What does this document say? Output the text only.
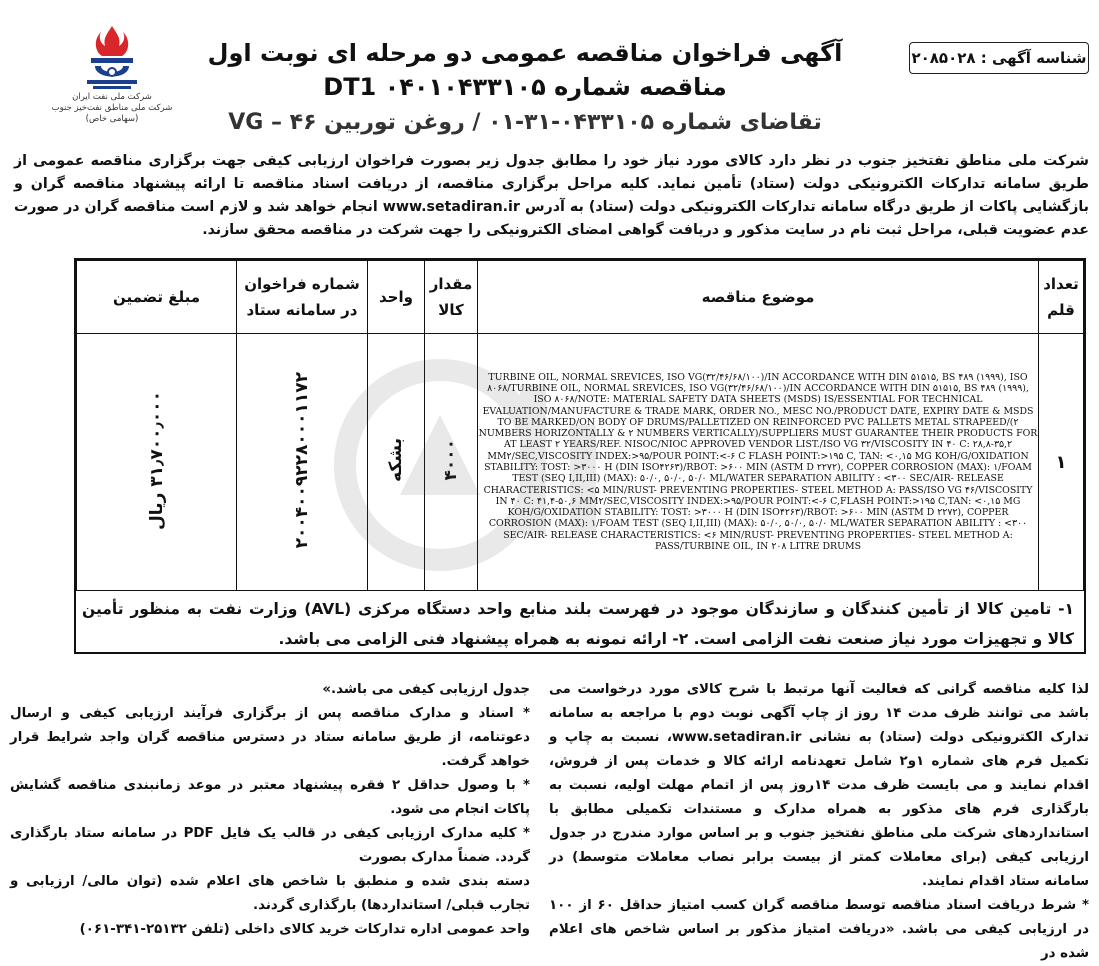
شناسه آگهی : ۲۰۸۵۰۲۸
آگهی فراخوان مناقصه عمومی دو مرحله ای نوبت اول
مناقصه شماره DT1 ۰۴۰۱۰۴۳۳۱۰۵
تقاضای شماره ۰۴۳۳۱۰۵-۳۱-۰۱ / روغن توربین ۴۶ – VG
شرکت ملی نفت ایران
شرکت ملی مناطق نفت‌خیز جنوب
(سهامی خاص)
شرکت ملی مناطق نفتخیز جنوب در نظر دارد کالای مورد نیاز خود را مطابق جدول زیر بصورت فراخوان ارزیابی کیفی جهت برگزاری مناقصه عمومی از طریق سامانه تدارکات الکترونیکی دولت (ستاد) تأمین نماید. کلیه مراحل برگزاری مناقصه، از دریافت اسناد مناقصه تا ارائه پیشنهاد مناقصه گران و بازگشایی پاکات از طریق درگاه سامانه تدارکات الکترونیکی دولت (ستاد) به آدرس www.setadiran.ir انجام خواهد شد و لازم است مناقصه گران در صورت عدم عضویت قبلی، مراحل ثبت نام در سایت مذکور و دریافت گواهی امضای الکترونیکی را جهت شرکت در مناقصه محقق سازند.
تعداد قلم	موضوع مناقصه	مقدار کالا	واحد	شماره فراخوان در سامانه ستاد	مبلغ تضمین
۱	TURBINE OIL, NORMAL SREVICES, ISO VG(۳۲/۴۶/۶۸/۱۰۰)/IN ACCORDANCE WITH DIN ۵۱۵۱۵, BS ۴۸۹ (۱۹۹۹), ISO ۸۰۶۸/TURBINE OIL, NORMAL SREVICES, ISO VG(۳۲/۴۶/۶۸/۱۰۰)/IN ACCORDANCE WITH DIN ۵۱۵۱۵, BS ۴۸۹ (۱۹۹۹), ISO ۸۰۶۸/NOTE: MATERIAL SAFETY DATA SHEETS (MSDS) IS/ESSENTIAL FOR TECHNICAL EVALUATION/MANUFACTURE & TRADE MARK, ORDER NO., MESC NO./PRODUCT DATE, EXPIRY DATE & MSDS TO BE MARKED/ON BODY OF DRUMS/PALLETIZED ON REINFORCED PVC PALLETS METAL STRAPEED/(۲ NUMBERS HORIZONTALLY & ۲ NUMBERS VERTICALLY)/SUPPLIERS MUST GUARANTEE THEIR PRODUCTS FOR AT LEAST ۲ YEARS/REF. NISOC/NIOC APPROVED VENDOR LIST./ISO VG ۳۲/VISCOSITY IN ۴۰ C: ۲۸,۸-۳۵,۲ MM۲/SEC,VISCOSITY INDEX:>۹۵/POUR POINT:<-۶ C FLASH POINT:>۱۹۵ C, TAN: <۰,۱۵ MG KOH/G/OXIDATION STABILITY: TOST: >۳۰۰۰ H (DIN ISO۴۲۶۳)/RBOT: >۶۰۰ MIN (ASTM D ۲۲۷۲), COPPER CORROSION (MAX): ۱/FOAM TEST (SEQ I,II,III) (MAX): ۵۰/۰, ۵۰/۰, ۵۰/۰ ML/WATER SEPARATION ABILITY : <۳۰۰ SEC/AIR- RELEASE CHARACTERISTICS: <۵ MIN/RUST- PREVENTING PROPERTIES- STEEL METHOD A: PASS/ISO VG ۴۶/VISCOSITY IN ۴۰ C: ۴۱,۴-۵۰,۶ MM۲/SEC,VISCOSITY INDEX:>۹۵/POUR POINT:<-۶ C,FLASH POINT:>۱۹۵ C,TAN: <۰,۱۵ MG KOH/G/OXIDATION STABILITY: TOST: >۳۰۰۰ H (DIN ISO۴۲۶۳)/RBOT: >۶۰۰ MIN (ASTM D ۲۲۷۲), COPPER CORROSION (MAX): ۱/FOAM TEST (SEQ I,II,III) (MAX): ۵۰/۰, ۵۰/۰, ۵۰/۰ ML/WATER SEPARATION ABILITY : <۳۰۰ SEC/AIR- RELEASE CHARACTERISTICS: <۶ MIN/RUST- PREVENTING PROPERTIES- STEEL METHOD A: PASS/TURBINE OIL, IN ۲۰۸ LITRE DRUMS	۴۰۰۰	بشکه	۲۰۰۴۰۰۹۲۲۸۰۰۰۱۱۷۲	۳۱٫۷۰۰٫۰۰۰ ریال
۱- تامین کالا از تأمین کنندگان و سازندگان موجود در فهرست بلند منابع واحد دستگاه مرکزی (AVL) وزارت نفت به منظور تأمین کالا و تجهیزات مورد نیاز صنعت نفت الزامی است. ۲- ارائه نمونه به همراه پیشنهاد فنی الزامی می باشد.

لذا کلیه مناقصه گرانی که فعالیت آنها مرتبط با شرح کالای مورد درخواست می باشد می توانند ظرف مدت ۱۴ روز از چاپ آگهی نوبت دوم با مراجعه به سامانه تدارک الکترونیکی دولت (ستاد) به نشانی www.setadiran.ir، نسبت به چاپ و تکمیل فرم های شماره ۱و۲ شامل تعهدنامه ارائه کالا و خدمات پس از فروش، اقدام نمایند و می بایست ظرف مدت ۱۴روز پس از اتمام مهلت اولیه، نسبت به بارگذاری فرم های مذکور به همراه مدارک و مستندات تکمیلی مطابق با استانداردهای شرکت ملی مناطق نفتخیز جنوب و بر اساس موارد مندرج در جدول ارزیابی کیفی (برای معاملات کمتر از بیست برابر نصاب معاملات متوسط) در سامانه ستاد اقدام نمایند.

* شرط دریافت اسناد مناقصه توسط مناقصه گران کسب امتیاز حداقل ۶۰ از ۱۰۰ در ارزیابی کیفی می باشد. «دریافت امتیاز مذکور بر اساس شاخص های اعلام شده در

جدول ارزیابی کیفی می باشد.»

* اسناد و مدارک مناقصه پس از برگزاری فرآیند ارزیابی کیفی و ارسال دعوتنامه، از طریق سامانه ستاد در دسترس مناقصه گران واجد شرایط قرار خواهد گرفت.

* با وصول حداقل ۲ فقره پیشنهاد معتبر در موعد زمانبندی مناقصه گشایش پاکات انجام می شود.

* کلیه مدارک ارزیابی کیفی در قالب یک فایل PDF در سامانه ستاد بارگذاری گردد. ضمناً مدارک بصورت

دسته بندی شده و منطبق با شاخص های اعلام شده (توان مالی/ ارزیابی و تجارب قبلی/ استانداردها) بارگذاری گردند.

واحد عمومی اداره تدارکات خرید کالای داخلی (تلفن ۲۵۱۳۲-۳۴۱-۰۶۱)
